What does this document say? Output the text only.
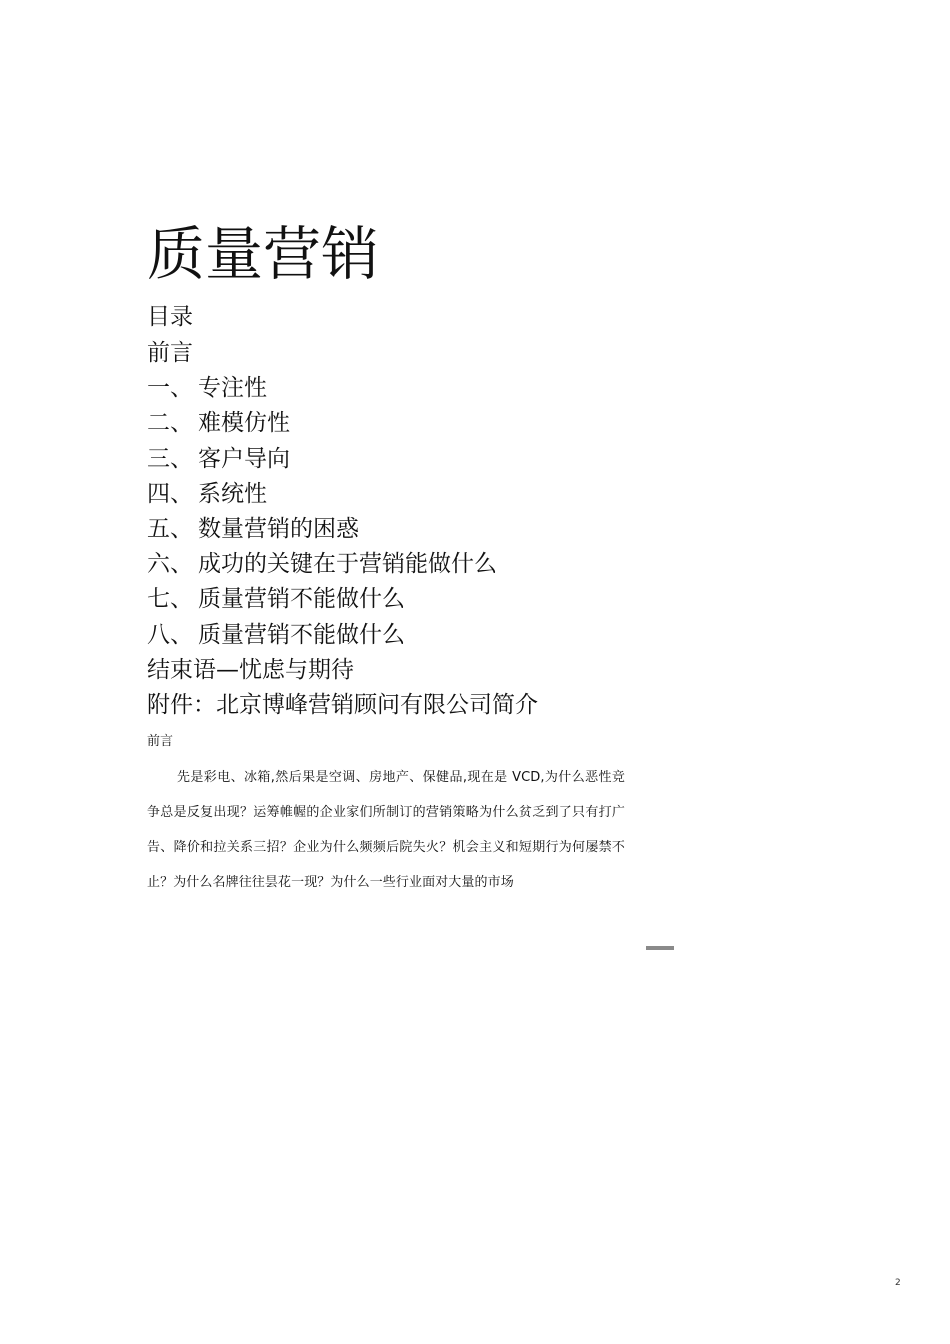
质量营销
目录
前言
一、 专注性
二、 难模仿性
三、 客户导向
四、 系统性
五、 数量营销的困惑
六、 成功的关键在于营销能做什么
七、 质量营销不能做什么
八、 质量营销不能做什么
结束语—忧虑与期待
附件：北京博峰营销顾问有限公司简介
前言

先是彩电、冰箱,然后果是空调、房地产、保健品,现在是 VCD,为什么恶性竞争总是反复出现？运筹帷幄的企业家们所制订的营销策略为什么贫乏到了只有打广告、降价和拉关系三招？企业为什么频频后院失火？机会主义和短期行为何屡禁不止？为什么名牌往往昙花一现？为什么一些行业面对大量的市场

2
